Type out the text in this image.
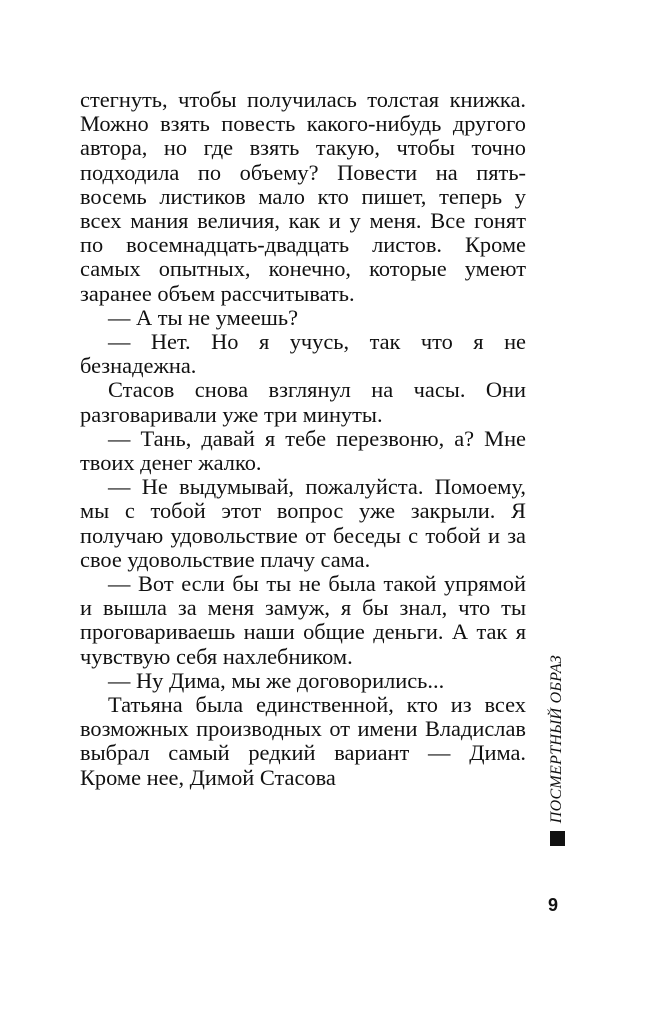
стегнуть, чтобы получилась толстая книжка. Можно взять повесть какого-нибудь другого автора, но где взять такую, чтобы точно подходила по объему? Повести на пять-восемь листиков мало кто пишет, теперь у всех мания величия, как и у меня. Все гонят по восемнадцать-двадцать листов. Кроме самых опытных, конечно, которые умеют заранее объем рассчитывать.

— А ты не умеешь?

— Нет. Но я учусь, так что я не безнадежна.

Стасов снова взглянул на часы. Они разговаривали уже три минуты.

— Тань, давай я тебе перезвоню, а? Мне твоих денег жалко.

— Не выдумывай, пожалуйста. Помоему, мы с тобой этот вопрос уже закрыли. Я получаю удовольствие от беседы с тобой и за свое удовольствие плачу сама.

— Вот если бы ты не была такой упрямой и вышла за меня замуж, я бы знал, что ты проговариваешь наши общие деньги. А так я чувствую себя нахлебником.

— Ну Дима, мы же договорились...

Татьяна была единственной, кто из всех возможных производных от имени Владислав выбрал самый редкий вариант — Дима. Кроме нее, Димой Стасова	ПОСМЕРТНЫЙ ОБРАЗ
9
